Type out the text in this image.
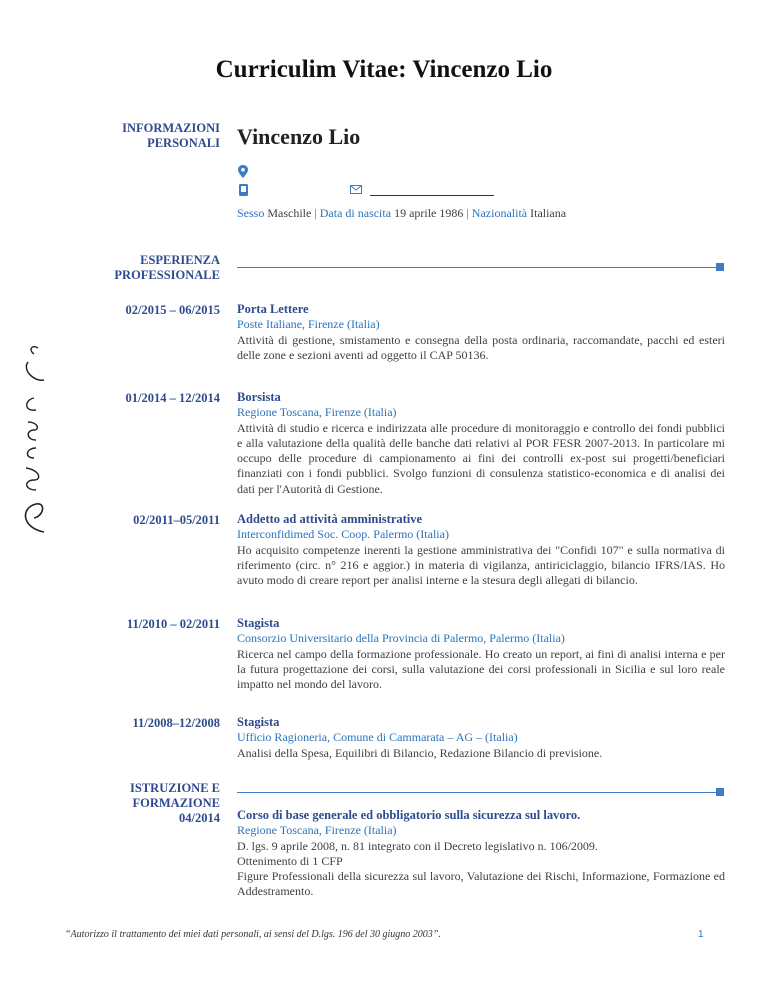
Curriculim Vitae: Vincenzo Lio
INFORMAZIONI
PERSONALI Vincenzo Lio
Sesso Maschile | Data di nascita 19 aprile 1986 | Nazionalità Italiana
ESPERIENZA
PROFESSIONALE
02/2015 – 06/2015 Porta Lettere
Poste Italiane, Firenze (Italia)
Attività di gestione, smistamento e consegna della posta ordinaria, raccomandate, pacchi ed esteri delle zone e sezioni aventi ad oggetto il CAP 50136.
01/2014 – 12/2014 Borsista
Regione Toscana, Firenze (Italia)
Attività di studio e ricerca e indirizzata alle procedure di monitoraggio e controllo dei fondi pubblici e alla valutazione della qualità delle banche dati relativi al POR FESR 2007-2013. In particolare mi occupo delle procedure di campionamento ai fini dei controlli ex-post sui progetti/beneficiari finanziati con i fondi pubblici. Svolgo funzioni di consulenza statistico-economica e di analisi dei dati per l'Autorità di Gestione.
02/2011–05/2011 Addetto ad attività amministrative
Interconfidimed Soc. Coop. Palermo (Italia)
Ho acquisito competenze inerenti la gestione amministrativa dei "Confidi 107" e sulla normativa di riferimento (circ. n° 216 e aggior.) in materia di vigilanza, antiriciclaggio, bilancio IFRS/IAS. Ho avuto modo di creare report per analisi interne e la stesura degli allegati di bilancio.
11/2010 – 02/2011 Stagista
Consorzio Universitario della Provincia di Palermo, Palermo (Italia)
Ricerca nel campo della formazione professionale. Ho creato un report, ai fini di analisi interna e per la futura progettazione dei corsi, sulla valutazione dei corsi professionali in Sicilia e sul loro reale impatto nel mondo del lavoro.
11/2008–12/2008 Stagista
Ufficio Ragioneria, Comune di Cammarata – AG – (Italia)
Analisi della Spesa, Equilibri di Bilancio, Redazione Bilancio di previsione.
ISTRUZIONE E
FORMAZIONE
04/2014 Corso di base generale ed obbligatorio sulla sicurezza sul lavoro.
Regione Toscana, Firenze (Italia)
D. lgs. 9 aprile 2008, n. 81 integrato con il Decreto legislativo n. 106/2009.
Ottenimento di 1 CFP
Figure Professionali della sicurezza sul lavoro, Valutazione dei Rischi, Informazione, Formazione ed Addestramento.
“Autorizzo il trattamento dei miei dati personali, ai sensi del D.lgs. 196 del 30 giugno 2003”.	1
